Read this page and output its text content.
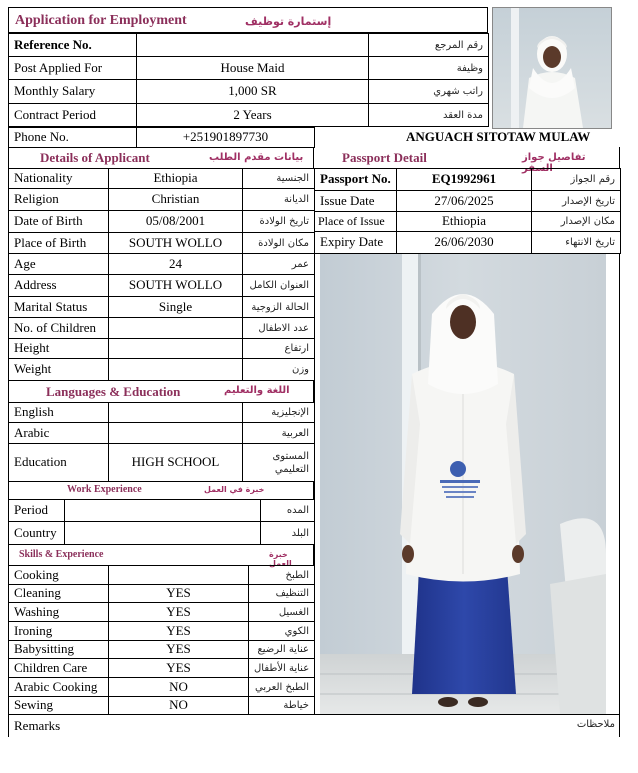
Application for Employment	إستمارة توظيف
Reference No.		رقم المرجع
Post Applied For	House Maid	وظيفة
Monthly Salary	1,000 SR	راتب شهري
Contract Period	2 Years	مدة العقد
Phone No.	+251901897730	ANGUACH SITOTAW MULAW
Details of Applicant	بيانات مقدم الطلب
Nationality	Ethiopia	الجنسية
Religion	Christian	الديانة
Date of Birth	05/08/2001	تاريخ الولادة
Place of Birth	SOUTH WOLLO	مكان الولادة
Age	24	عمر
Address	SOUTH WOLLO	العنوان الكامل
Marital Status	Single	الحالة الزوجية
No. of Children		عدد الاطفال
Height		ارتفاع
Weight		وزن
Languages & Education	اللغة والتعليم
English		الإنجليزية
Arabic		العربية
Education	HIGH SCHOOL	المستوى التعليمي
Work Experience	خبرة في العمل
Period		المده
Country		البلد
Skills & Experience	خبرة العمل
Cooking		الطبخ
Cleaning	YES	التنظيف
Washing	YES	الغسيل
Ironing	YES	الكوي
Babysitting	YES	عناية الرضيع
Children Care	YES	عناية الأطفال
Arabic Cooking	NO	الطبخ العربي
Sewing	NO	خياطة
Remarks	ملاحظات
Passport Detail	تفاصيل جواز السفر
Passport No.	EQ1992961	رقم الجواز
Issue Date	27/06/2025	تاريخ الإصدار
Place of Issue	Ethiopia	مكان الإصدار
Expiry Date	26/06/2030	تاريخ الانتهاء
